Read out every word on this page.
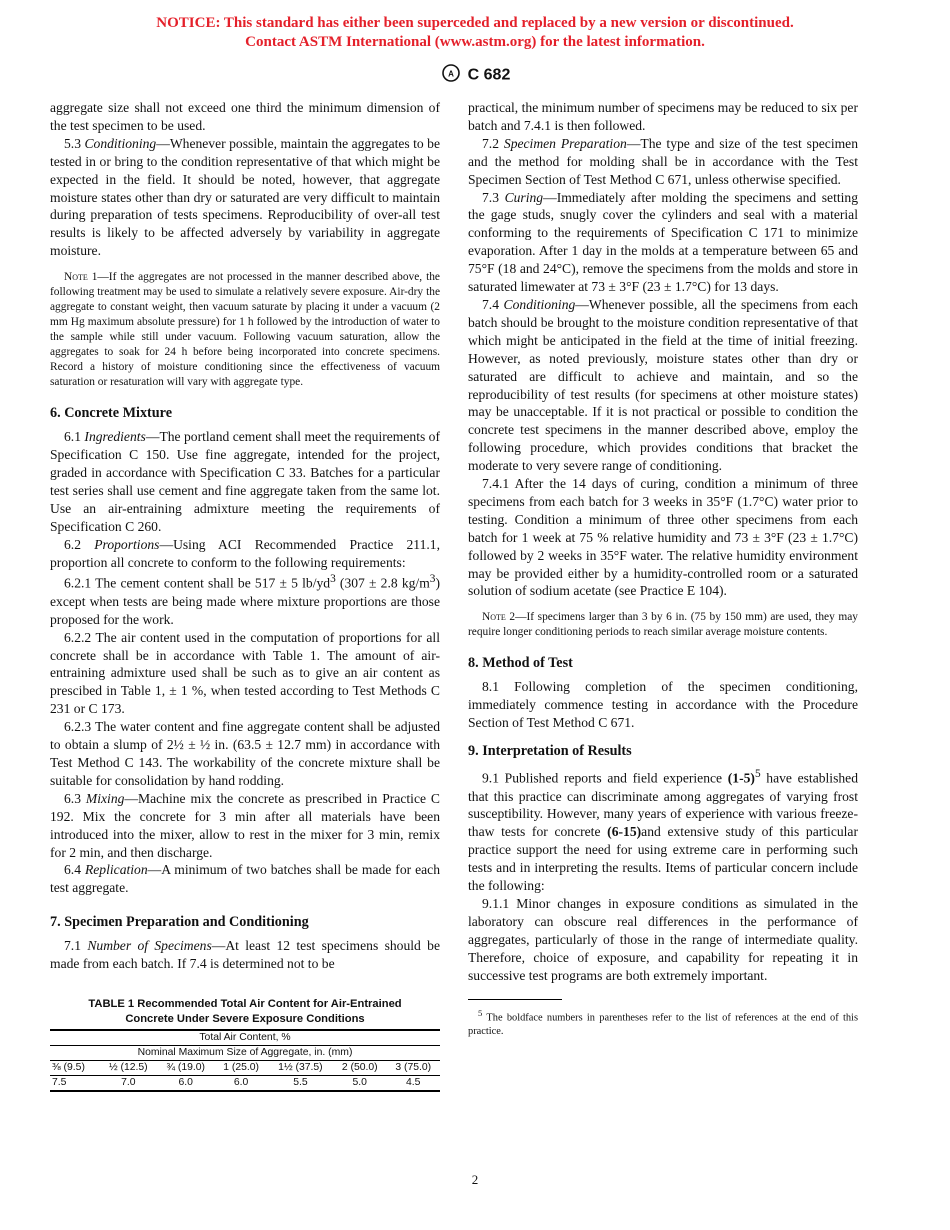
NOTICE: This standard has either been superceded and replaced by a new version or discontinued.
Contact ASTM International (www.astm.org) for the latest information.
A C 682

aggregate size shall not exceed one third the minimum dimension of the test specimen to be used.

5.3 Conditioning—Whenever possible, maintain the aggregates to be tested in or bring to the condition representative of that which might be expected in the field. It should be noted, however, that aggregate moisture states other than dry or saturated are very difficult to maintain during preparation of tests specimens. Reproducibility of over-all test results is likely to be affected adversely by variability in aggregate moisture.

Note 1—If the aggregates are not processed in the manner described above, the following treatment may be used to simulate a relatively severe exposure. Air-dry the aggregate to constant weight, then vacuum saturate by placing it under a vacuum (2 mm Hg maximum absolute pressure) for 1 h followed by the introduction of water to the sample while still under vacuum. Following vacuum saturation, allow the aggregates to soak for 24 h before being incorporated into concrete specimens. Record a history of moisture conditioning since the effectiveness of vacuum saturation or resaturation will vary with aggregate type.

6. Concrete Mixture

6.1 Ingredients—The portland cement shall meet the requirements of Specification C 150. Use fine aggregate, intended for the project, graded in accordance with Specification C 33. Batches for a particular test series shall use cement and fine aggregate taken from the same lot. Use an air-entraining admixture meeting the requirements of Specification C 260.

6.2 Proportions—Using ACI Recommended Practice 211.1, proportion all concrete to conform to the following requirements:

6.2.1 The cement content shall be 517 ± 5 $lb/yd^3$ (307 ± 2.8 $kg/m^3$) except when tests are being made where mixture proportions are those proposed for the work.

6.2.2 The air content used in the computation of proportions for all concrete shall be in accordance with Table 1. The amount of air-entraining admixture used shall be such as to give an air content as prescibed in Table 1, ± 1 %, when tested according to Test Methods C 231 or C 173.

6.2.3 The water content and fine aggregate content shall be adjusted to obtain a slump of 2½ ± ½ in. (63.5 ± 12.7 mm) in accordance with Test Method C 143. The workability of the concrete mixture shall be suitable for consolidation by hand rodding.

6.3 Mixing—Machine mix the concrete as prescribed in Practice C 192. Mix the concrete for 3 min after all materials have been introduced into the mixer, allow to rest in the mixer for 3 min, remix for 2 min, and then discharge.

6.4 Replication—A minimum of two batches shall be made for each test aggregate.

7. Specimen Preparation and Conditioning

7.1 Number of Specimens—At least 12 test specimens should be made from each batch. If 7.4 is determined not to be

TABLE 1 Recommended Total Air Content for Air-Entrained
Concrete Under Severe Exposure Conditions
Total Air Content, %						
Nominal Maximum Size of Aggregate, in. (mm)						
⅜ (9.5)	½ (12.5)	¾ (19.0)	1 (25.0)	1½ (37.5)	2 (50.0)	3 (75.0)
7.5	7.0	6.0	6.0	5.5	5.0	4.5

practical, the minimum number of specimens may be reduced to six per batch and 7.4.1 is then followed.

7.2 Specimen Preparation—The type and size of the test specimen and the method for molding shall be in accordance with the Test Specimen Section of Test Method C 671, unless otherwise specified.

7.3 Curing—Immediately after molding the specimens and setting the gage studs, snugly cover the cylinders and seal with a material conforming to the requirements of Specification C 171 to minimize evaporation. After 1 day in the molds at a temperature between 65 and 75°F (18 and 24°C), remove the specimens from the molds and store in saturated limewater at 73 ± 3°F (23 ± 1.7°C) for 13 days.

7.4 Conditioning—Whenever possible, all the specimens from each batch should be brought to the moisture condition representative of that which might be anticipated in the field at the time of initial freezing. However, as noted previously, moisture states other than dry or saturated are difficult to achieve and maintain, and so the reproducibility of test results (for specimens at other moisture states) may be unacceptable. If it is not practical or possible to condition the concrete test specimens in the manner described above, employ the following procedure, which provides conditions that bracket the moderate to very severe range of conditioning.

7.4.1 After the 14 days of curing, condition a minimum of three specimens from each batch for 3 weeks in 35°F (1.7°C) water prior to testing. Condition a minimum of three other specimens from each batch for 1 week at 75 % relative humidity and 73 ± 3°F (23 ± 1.7°C) followed by 2 weeks in 35°F water. The relative humidity environment may be provided either by a humidity-controlled room or a saturated solution of sodium acetate (see Practice E 104).

Note 2—If specimens larger than 3 by 6 in. (75 by 150 mm) are used, they may require longer conditioning periods to reach similar average moisture contents.

8. Method of Test

8.1 Following completion of the specimen conditioning, immediately commence testing in accordance with the Procedure Section of Test Method C 671.

9. Interpretation of Results

9.1 Published reports and field experience $(1-5)^5$ have established that this practice can discriminate among aggregates of varying frost susceptibility. However, many years of experience with various freeze-thaw tests for concrete (6-15)and extensive study of this particular practice support the need for using extreme care in performing such tests and in interpreting the results. Items of particular concern include the following:

9.1.1 Minor changes in exposure conditions as simulated in the laboratory can obscure real differences in the performance of aggregates, particularly of those in the range of intermediate quality. Therefore, choice of exposure, and capability for repeating it in successive test programs are both extremely important.

$^5$ The boldface numbers in parentheses refer to the list of references at the end of this practice.
2
